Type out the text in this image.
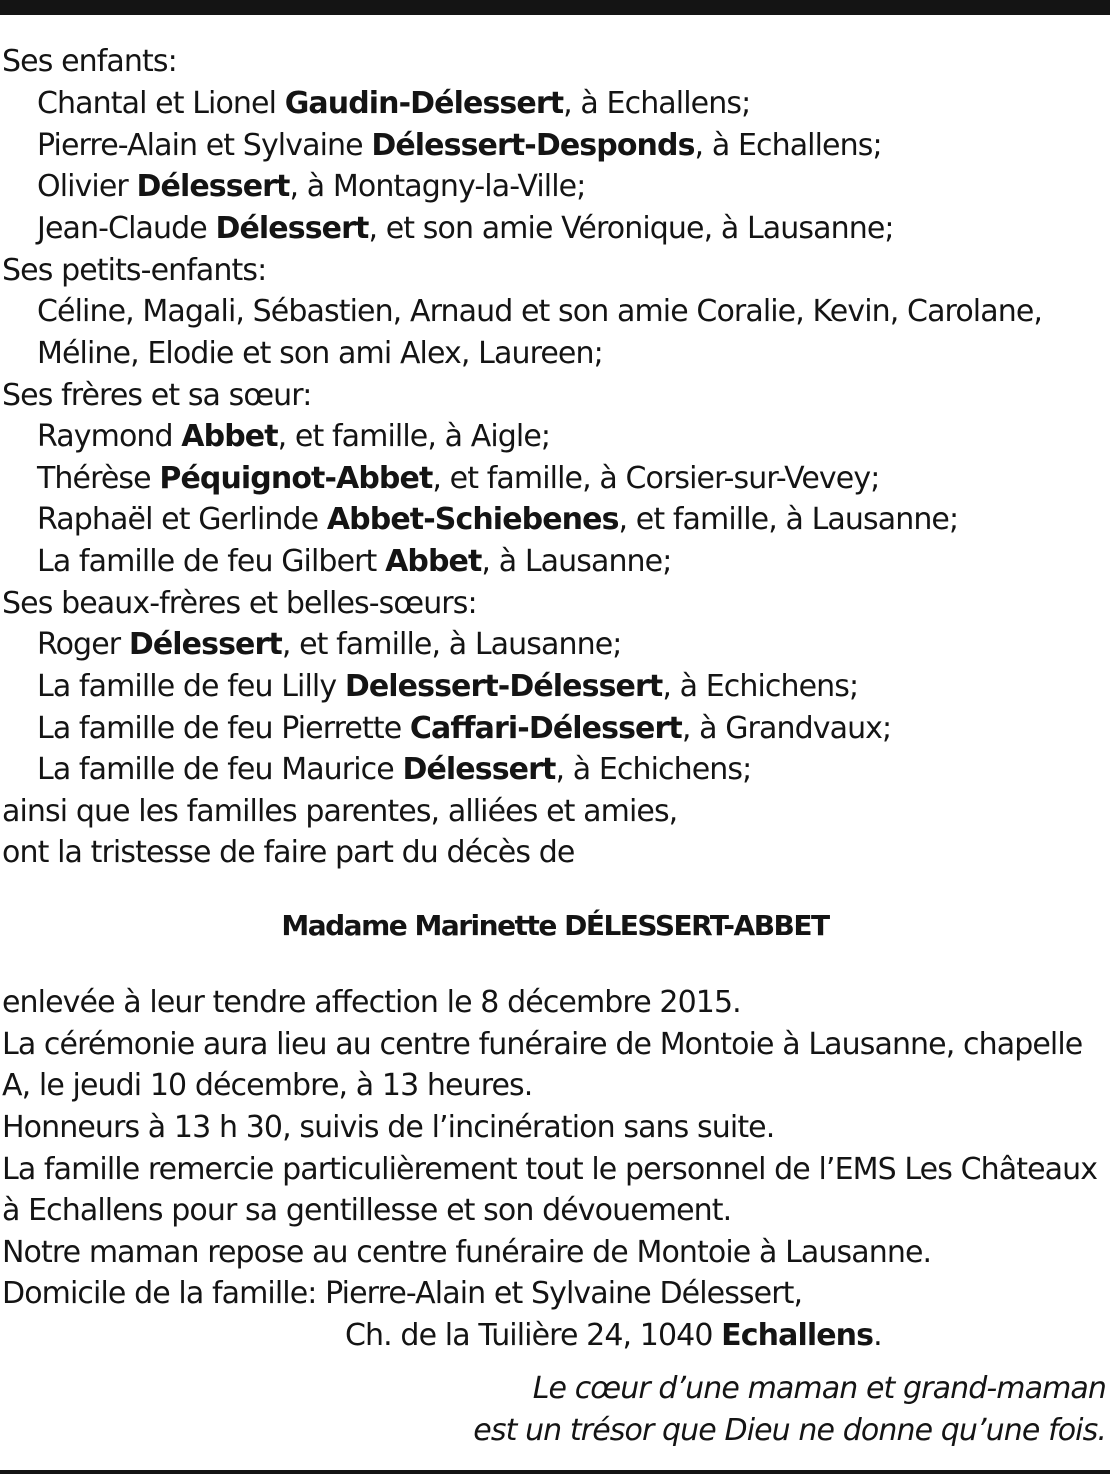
Ses enfants:
Chantal et Lionel Gaudin-Délessert, à Echallens;
Pierre-Alain et Sylvaine Délessert-Desponds, à Echallens;
Olivier Délessert, à Montagny-la-Ville;
Jean-Claude Délessert, et son amie Véronique, à Lausanne;
Ses petits-enfants:
Céline, Magali, Sébastien, Arnaud et son amie Coralie, Kevin, Carolane,
Méline, Elodie et son ami Alex, Laureen;
Ses frères et sa sœur:
Raymond Abbet, et famille, à Aigle;
Thérèse Péquignot-Abbet, et famille, à Corsier-sur-Vevey;
Raphaël et Gerlinde Abbet-Schiebenes, et famille, à Lausanne;
La famille de feu Gilbert Abbet, à Lausanne;
Ses beaux-frères et belles-sœurs:
Roger Délessert, et famille, à Lausanne;
La famille de feu Lilly Delessert-Délessert, à Echichens;
La famille de feu Pierrette Caffari-Délessert, à Grandvaux;
La famille de feu Maurice Délessert, à Echichens;
ainsi que les familles parentes, alliées et amies,
ont la tristesse de faire part du décès de
Madame Marinette DÉLESSERT-ABBET
enlevée à leur tendre affection le 8 décembre 2015.
La cérémonie aura lieu au centre funéraire de Montoie à Lausanne, chapelle
A, le jeudi 10 décembre, à 13 heures.
Honneurs à 13 h 30, suivis de l’incinération sans suite.
La famille remercie particulièrement tout le personnel de l’EMS Les Châteaux
à Echallens pour sa gentillesse et son dévouement.
Notre maman repose au centre funéraire de Montoie à Lausanne.
Domicile de la famille: Pierre-Alain et Sylvaine Délessert,
Ch. de la Tuilière 24, 1040 Echallens.
Le cœur d’une maman et grand-maman
est un trésor que Dieu ne donne qu’une fois.
